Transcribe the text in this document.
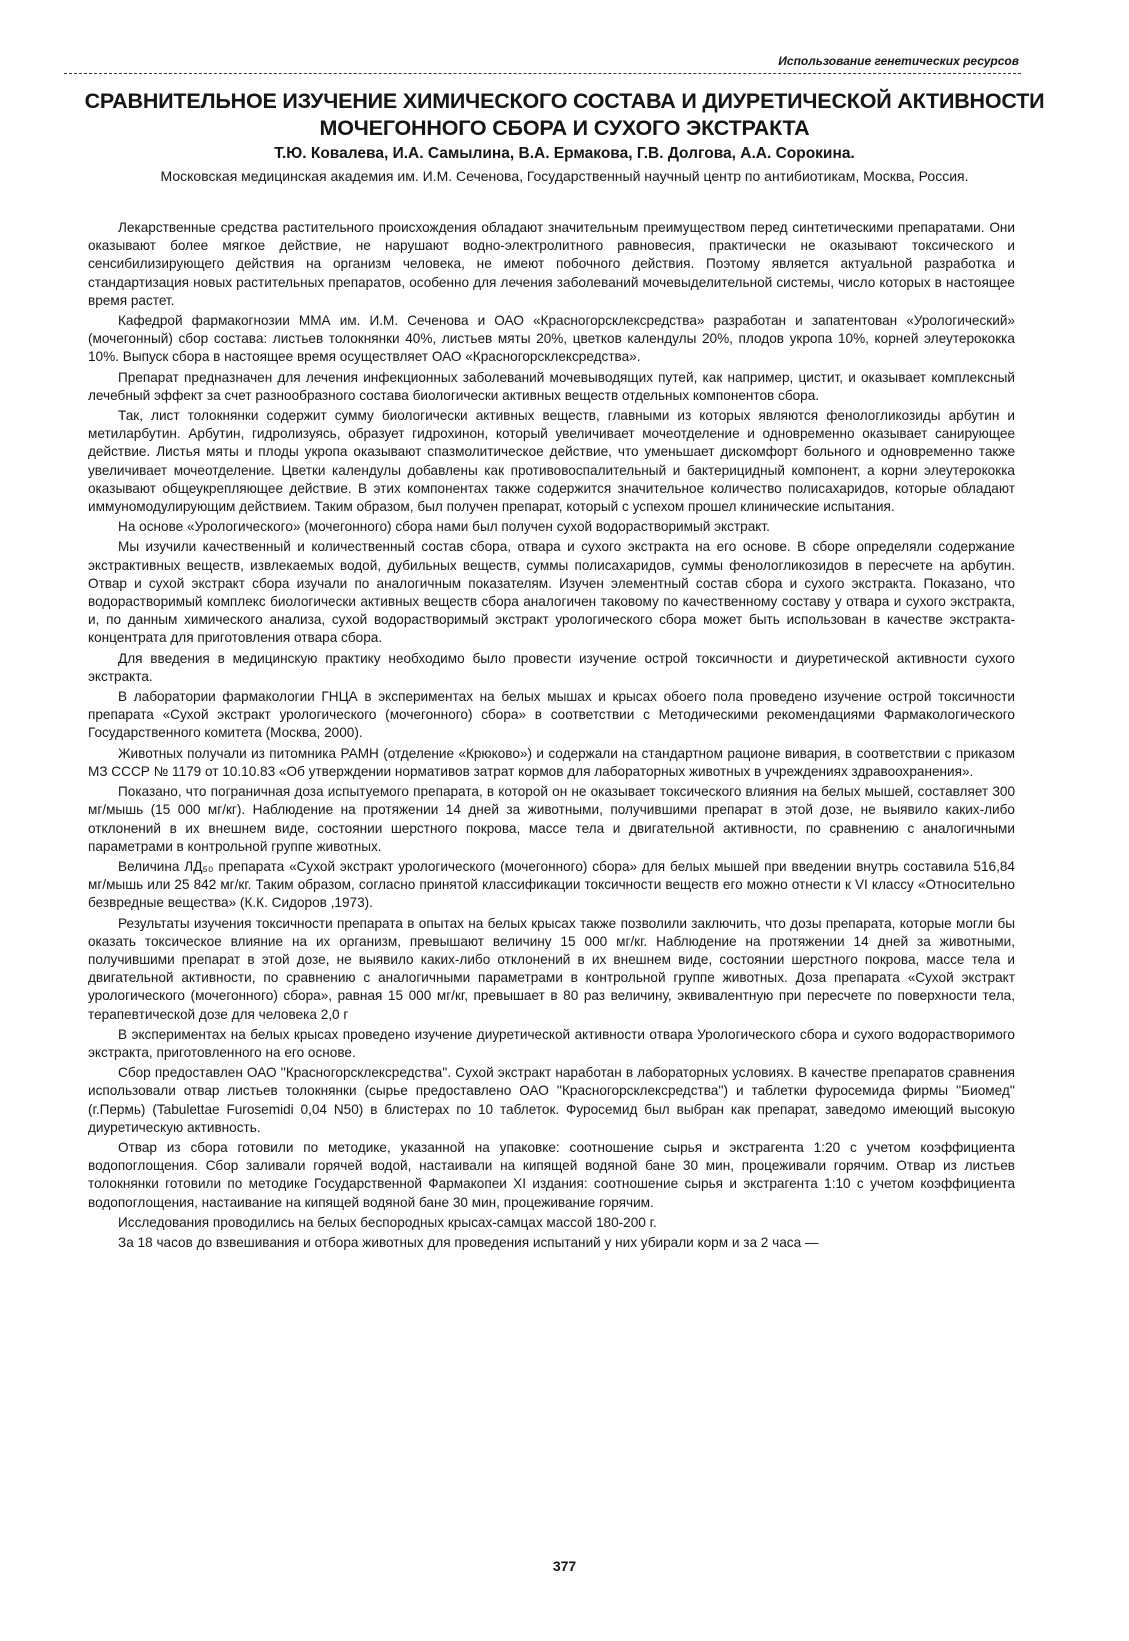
Использование генетических ресурсов
СРАВНИТЕЛЬНОЕ ИЗУЧЕНИЕ ХИМИЧЕСКОГО СОСТАВА И ДИУРЕТИЧЕСКОЙ АКТИВНОСТИ МОЧЕГОННОГО СБОРА И СУХОГО ЭКСТРАКТА

Т.Ю. Ковалева, И.А. Самылина, В.А. Ермакова, Г.В. Долгова, А.А. Сорокина.

Московская медицинская академия им. И.М. Сеченова, Государственный научный центр по антибиотикам, Москва, Россия.

Лекарственные средства растительного происхождения обладают значительным преимуществом перед синтетическими препаратами. Они оказывают более мягкое действие, не нарушают водно-электролитного равновесия, практически не оказывают токсического и сенсибилизирующего действия на организм человека, не имеют побочного действия. Поэтому является актуальной разработка и стандартизация новых растительных препаратов, особенно для лечения заболеваний мочевыделительной системы, число которых в настоящее время растет.

Кафедрой фармакогнозии ММА им. И.М. Сеченова и ОАО «Красногорсклексредства» разработан и запатентован «Урологический» (мочегонный) сбор состава: листьев толокнянки 40%, листьев мяты 20%, цветков календулы 20%, плодов укропа 10%, корней элеутерококка 10%. Выпуск сбора в настоящее время осуществляет ОАО «Красногорсклексредства».

Препарат предназначен для лечения инфекционных заболеваний мочевыводящих путей, как например, цистит, и оказывает комплексный лечебный эффект за счет разнообразного состава биологически активных веществ отдельных компонентов сбора.

Так, лист толокнянки содержит сумму биологически активных веществ, главными из которых являются фенологликозиды арбутин и метиларбутин. Арбутин, гидролизуясь, образует гидрохинон, который увеличивает мочеотделение и одновременно оказывает санирующее действие. Листья мяты и плоды укропа оказывают спазмолитическое действие, что уменьшает дискомфорт больного и одновременно также увеличивает мочеотделение. Цветки календулы добавлены как противовоспалительный и бактерицидный компонент, а корни элеутерококка оказывают общеукрепляющее действие. В этих компонентах также содержится значительное количество полисахаридов, которые обладают иммуномодулирующим действием. Таким образом, был получен препарат, который с успехом прошел клинические испытания.

На основе «Урологического» (мочегонного) сбора нами был получен сухой водорастворимый экстракт.

Мы изучили качественный и количественный состав сбора, отвара и сухого экстракта на его основе. В сборе определяли содержание экстрактивных веществ, извлекаемых водой, дубильных веществ, суммы полисахаридов, суммы фенологликозидов в пересчете на арбутин. Отвар и сухой экстракт сбора изучали по аналогичным показателям. Изучен элементный состав сбора и сухого экстракта. Показано, что водорастворимый комплекс биологически активных веществ сбора аналогичен таковому по качественному составу у отвара и сухого экстракта, и, по данным химического анализа, сухой водорастворимый экстракт урологического сбора может быть использован в качестве экстракта-концентрата для приготовления отвара сбора.

Для введения в медицинскую практику необходимо было провести изучение острой токсичности и диуретической активности сухого экстракта.

В лаборатории фармакологии ГНЦА в экспериментах на белых мышах и крысах обоего пола проведено изучение острой токсичности препарата «Сухой экстракт урологического (мочегонного) сбора» в соответствии с Методическими рекомендациями Фармакологического Государственного комитета (Москва, 2000).

Животных получали из питомника РАМН (отделение «Крюково») и содержали на стандартном рационе вивария, в соответствии с приказом МЗ СССР № 1179 от 10.10.83 «Об утверждении нормативов затрат кормов для лабораторных животных в учреждениях здравоохранения».

Показано, что пограничная доза испытуемого препарата, в которой он не оказывает токсического влияния на белых мышей, составляет 300 мг/мышь (15 000 мг/кг). Наблюдение на протяжении 14 дней за животными, получившими препарат в этой дозе, не выявило каких-либо отклонений в их внешнем виде, состоянии шерстного покрова, массе тела и двигательной активности, по сравнению с аналогичными параметрами в контрольной группе животных.

Величина ЛД₅₀ препарата «Сухой экстракт урологического (мочегонного) сбора» для белых мышей при введении внутрь составила 516,84 мг/мышь или 25 842 мг/кг. Таким образом, согласно принятой классификации токсичности веществ его можно отнести к VI классу «Относительно безвредные вещества» (К.К. Сидоров ,1973).

Результаты изучения токсичности препарата в опытах на белых крысах также позволили заключить, что дозы препарата, которые могли бы оказать токсическое влияние на их организм, превышают величину 15 000 мг/кг. Наблюдение на протяжении 14 дней за животными, получившими препарат в этой дозе, не выявило каких-либо отклонений в их внешнем виде, состоянии шерстного покрова, массе тела и двигательной активности, по сравнению с аналогичными параметрами в контрольной группе животных. Доза препарата «Сухой экстракт урологического (мочегонного) сбора», равная 15 000 мг/кг, превышает в 80 раз величину, эквивалентную при пересчете по поверхности тела, терапевтической дозе для человека 2,0 г

В экспериментах на белых крысах проведено изучение диуретической активности отвара Урологического сбора и сухого водорастворимого экстракта, приготовленного на его основе.

Сбор предоставлен ОАО ''Красногорсклексредства''. Сухой экстракт наработан в лабораторных условиях. В качестве препаратов сравнения использовали отвар листьев толокнянки (сырье предоставлено ОАО ''Красногорсклексредства'') и таблетки фуросемида фирмы ''Биомед'' (г.Пермь) (Tabulettae Furosemidi 0,04 N50) в блистерах по 10 таблеток. Фуросемид был выбран как препарат, заведомо имеющий высокую диуретическую активность.

Отвар из сбора готовили по методике, указанной на упаковке: соотношение сырья и экстрагента 1:20 с учетом коэффициента водопоглощения. Сбор заливали горячей водой, настаивали на кипящей водяной бане 30 мин, процеживали горячим. Отвар из листьев толокнянки готовили по методике Государственной Фармакопеи XI издания: соотношение сырья и экстрагента 1:10 с учетом коэффициента водопоглощения, настаивание на кипящей водяной бане 30 мин, процеживание горячим.

Исследования проводились на белых беспородных крысах-самцах массой 180-200 г.

За 18 часов до взвешивания и отбора животных для проведения испытаний у них убирали корм и за 2 часа —

377
